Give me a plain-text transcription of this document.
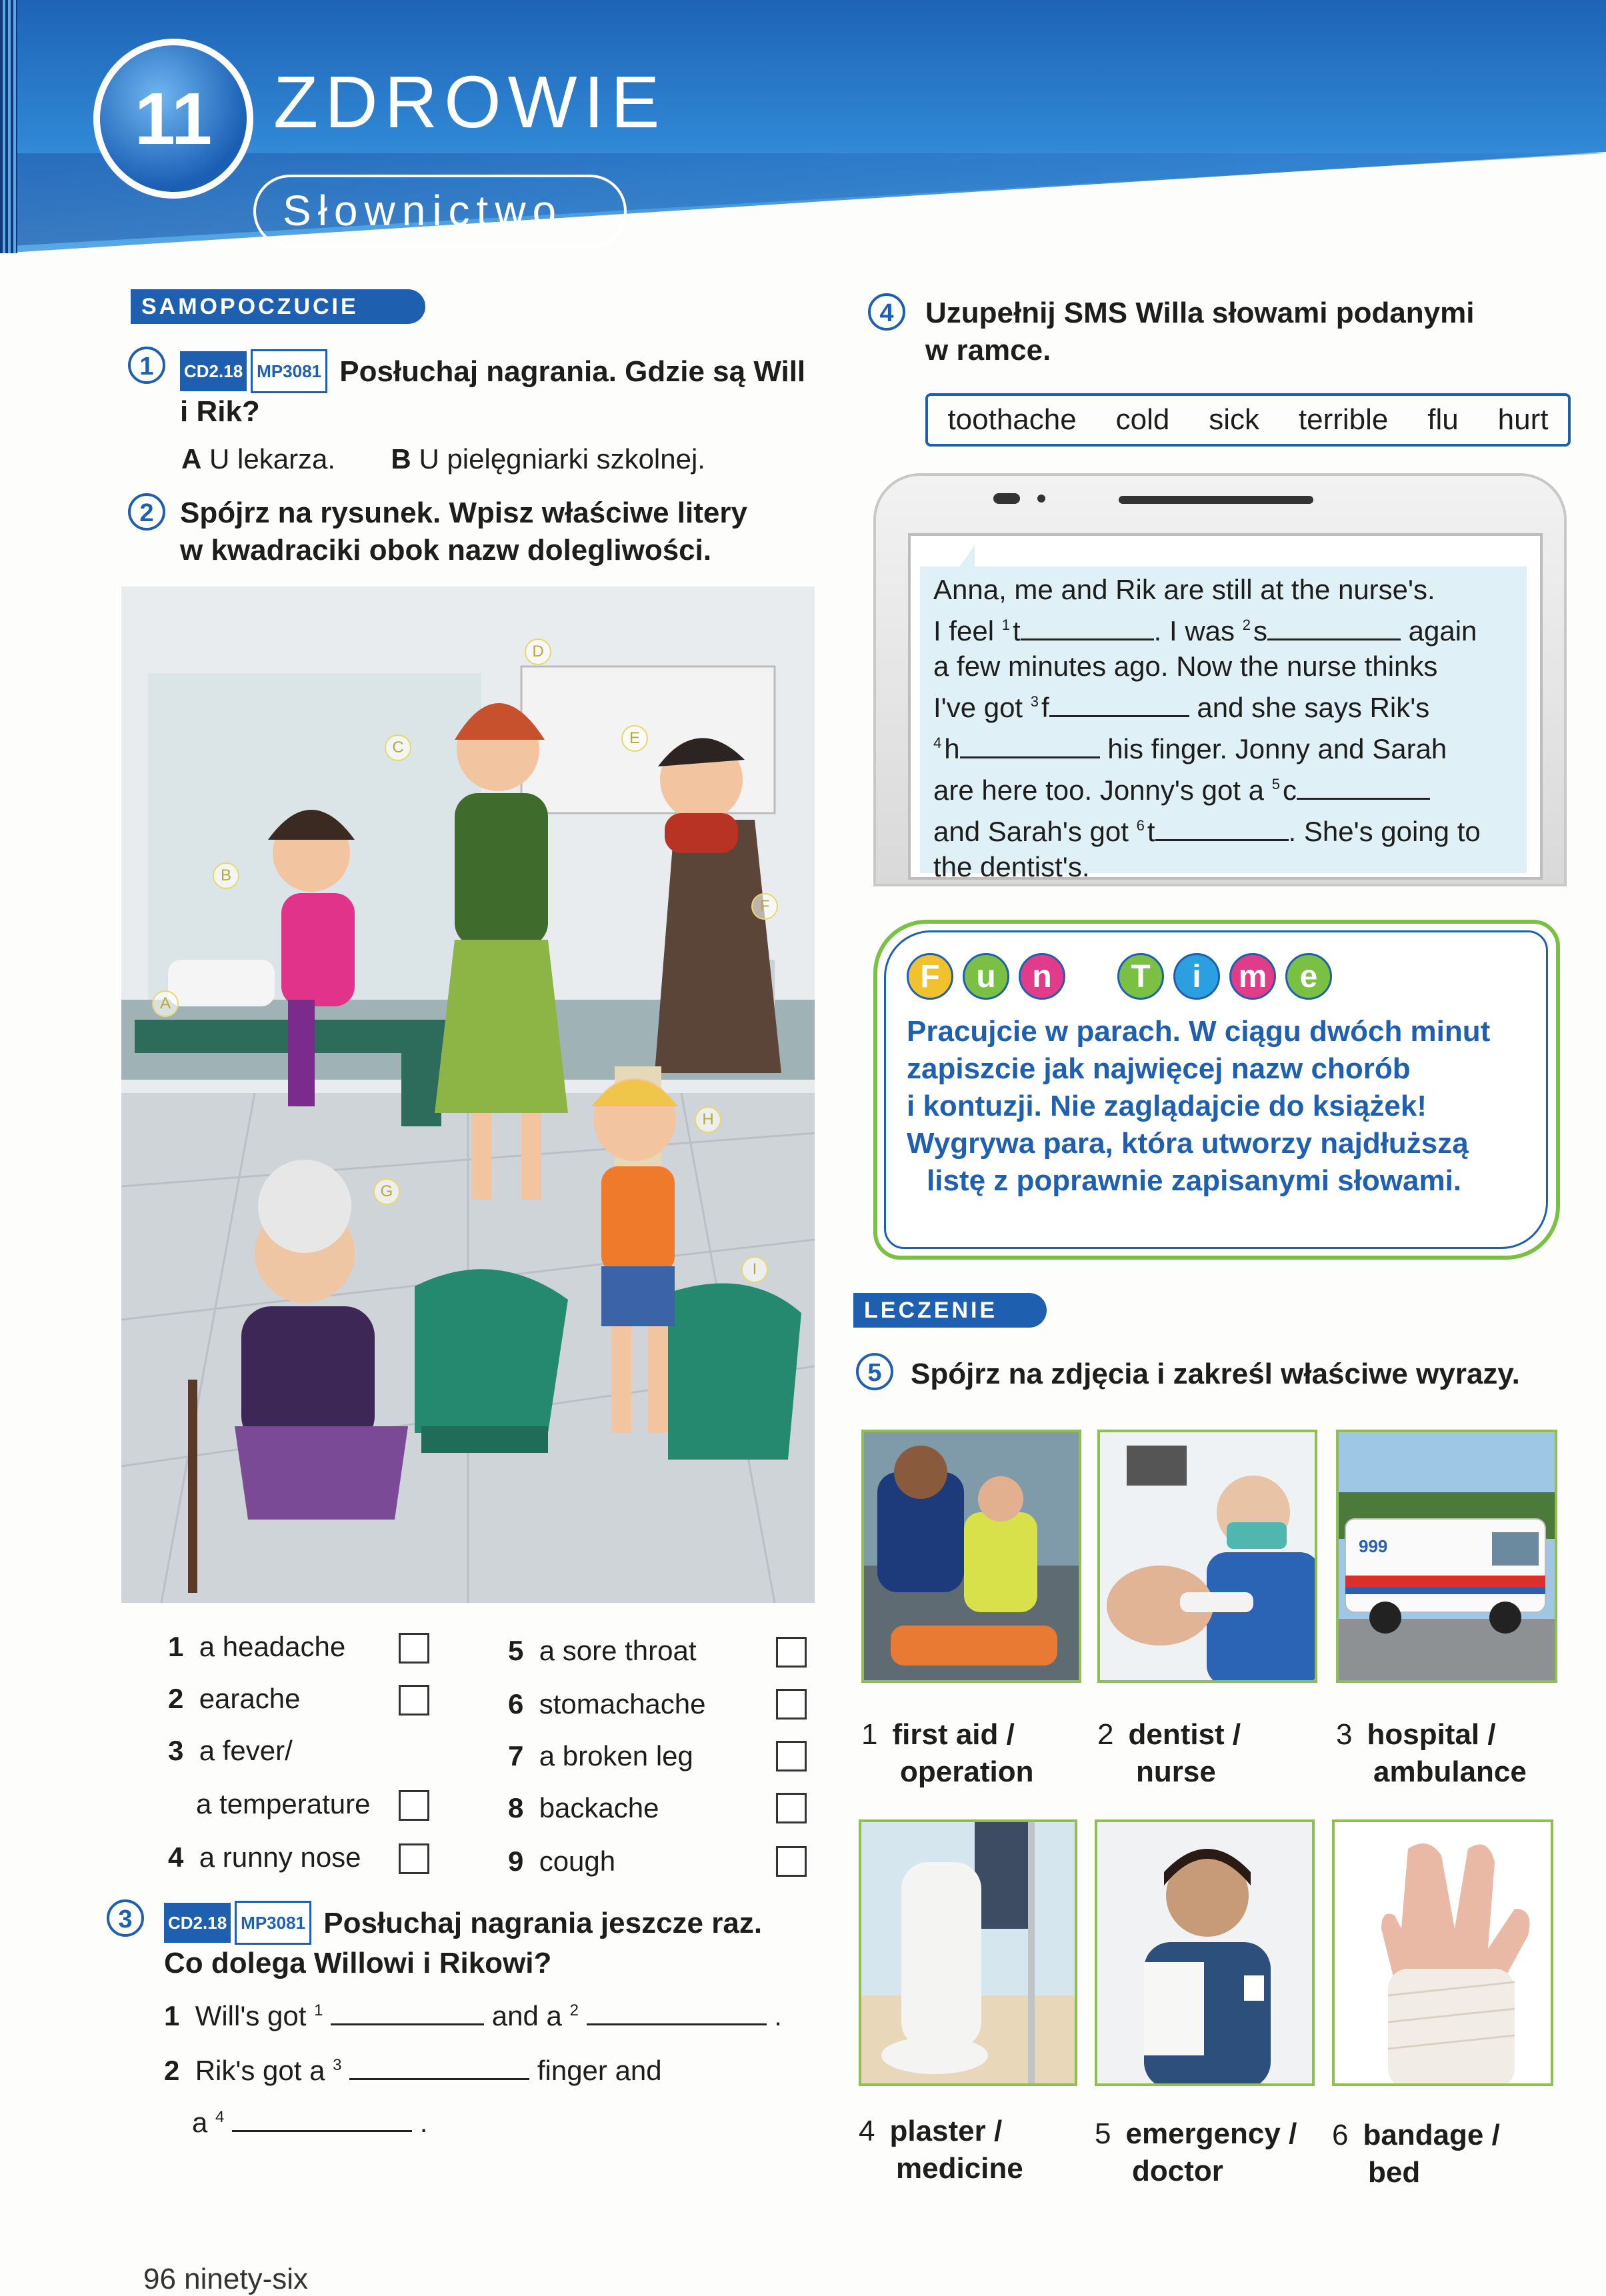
11 ZDROWIE
Słownictwo
SAMOPOCZUCIE
1	CD2.18 MP3081 Posłuchaj nagrania. Gdzie są Will
i Rik?
A U lekarza. B U pielęgniarki szkolnej.
2 Spójrz na rysunek. Wpisz właściwe litery
w kwadraciki obok nazw dolegliwości.
D
C
E
B
F
A
H
G
I
1 a headache
2 earache
3 a fever/
a temperature
4 a runny nose
5 a sore throat
6 stomachache
7 a broken leg
8 backache
9 cough
3	CD2.18 MP3081 Posłuchaj nagrania jeszcze raz.
Co dolega Willowi i Rikowi?
1 Will's got $^1$	and a $^2$	.
2 Rik's got a $^3$	finger and
a $^4$	.
4	Uzupełnij SMS Willa słowami podanymi
w ramce.
toothache cold sick terrible flu hurt
Anna, me and Rik are still at the nurse's.
I feel $^1$t	. I was $^2$s	again
a few minutes ago. Now the nurse thinks
I've got $^3$f	and she says Rik's
$^4$h	his finger. Jonny and Sarah
are here too. Jonny's got a $^5$c
and Sarah's got $^6$t	. She's going to
the dentist's.
F	u	n	T	i	m	e
Pracujcie w parach. W ciągu dwóch minut
zapiszcie jak najwięcej nazw chorób
i kontuzji. Nie zaglądajcie do książek!
Wygrywa para, która utworzy najdłuższą
listę z poprawnie zapisanymi słowami.
LECZENIE
5 Spójrz na zdjęcia i zakreśl właściwe wyrazy.
999
1 first aid /
operation
2 dentist /
nurse
3 hospital /
ambulance
4 plaster /
medicine
5 emergency /
doctor
6 bandage /
bed
96 ninety-six
